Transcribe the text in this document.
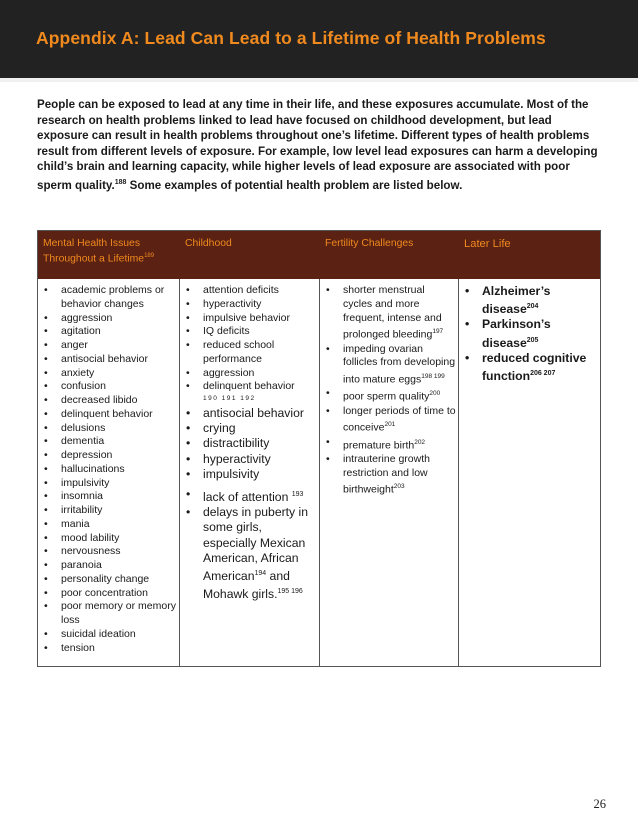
Appendix A: Lead Can Lead to a Lifetime of Health Problems
People can be exposed to lead at any time in their life, and these exposures accumulate. Most of the research on health problems linked to lead have focused on childhood development, but lead exposure can result in health problems throughout one’s lifetime. Different types of health problems result from different levels of exposure. For example, low level lead exposures can harm a developing child’s brain and learning capacity, while higher levels of lead exposure are associated with poor sperm quality.$^{188}$ Some examples of potential health problem are listed below.
Mental Health Issues Throughout a Lifetime$^{189}$
Childhood	Fertility Challenges	Later Life
• academic problems or behavior changes
• aggression
• agitation
• anger
• antisocial behavior
• anxiety
• confusion
• decreased libido
• delinquent behavior
• delusions
• dementia
• depression
• hallucinations
• impulsivity
• insomnia
• irritability
• mania
• mood lability
• nervousness
• paranoia
• personality change
• poor concentration
• poor memory or memory loss
• suicidal ideation
• tension
• attention deficits
• hyperactivity
• impulsive behavior
• IQ deficits
• reduced school performance
• aggression
• delinquent behavior
190 191 192
• antisocial behavior
• crying
• distractibility
• hyperactivity
• impulsivity
• lack of attention $^{193}$
• delays in puberty in some girls, especially Mexican American, African American$^{194}$ and Mohawk girls.$^{195 196}$
• shorter menstrual cycles and more frequent, intense and prolonged bleeding$^{197}$
• impeding ovarian follicles from developing into mature eggs$^{198 199}$
• poor sperm quality$^{200}$
• longer periods of time to conceive$^{201}$
• premature birth$^{202}$
• intrauterine growth restriction and low birthweight$^{203}$
• Alzheimer’s disease$^{204}$
• Parkinson’s disease$^{205}$
• reduced cognitive function$^{206 207}$
26
